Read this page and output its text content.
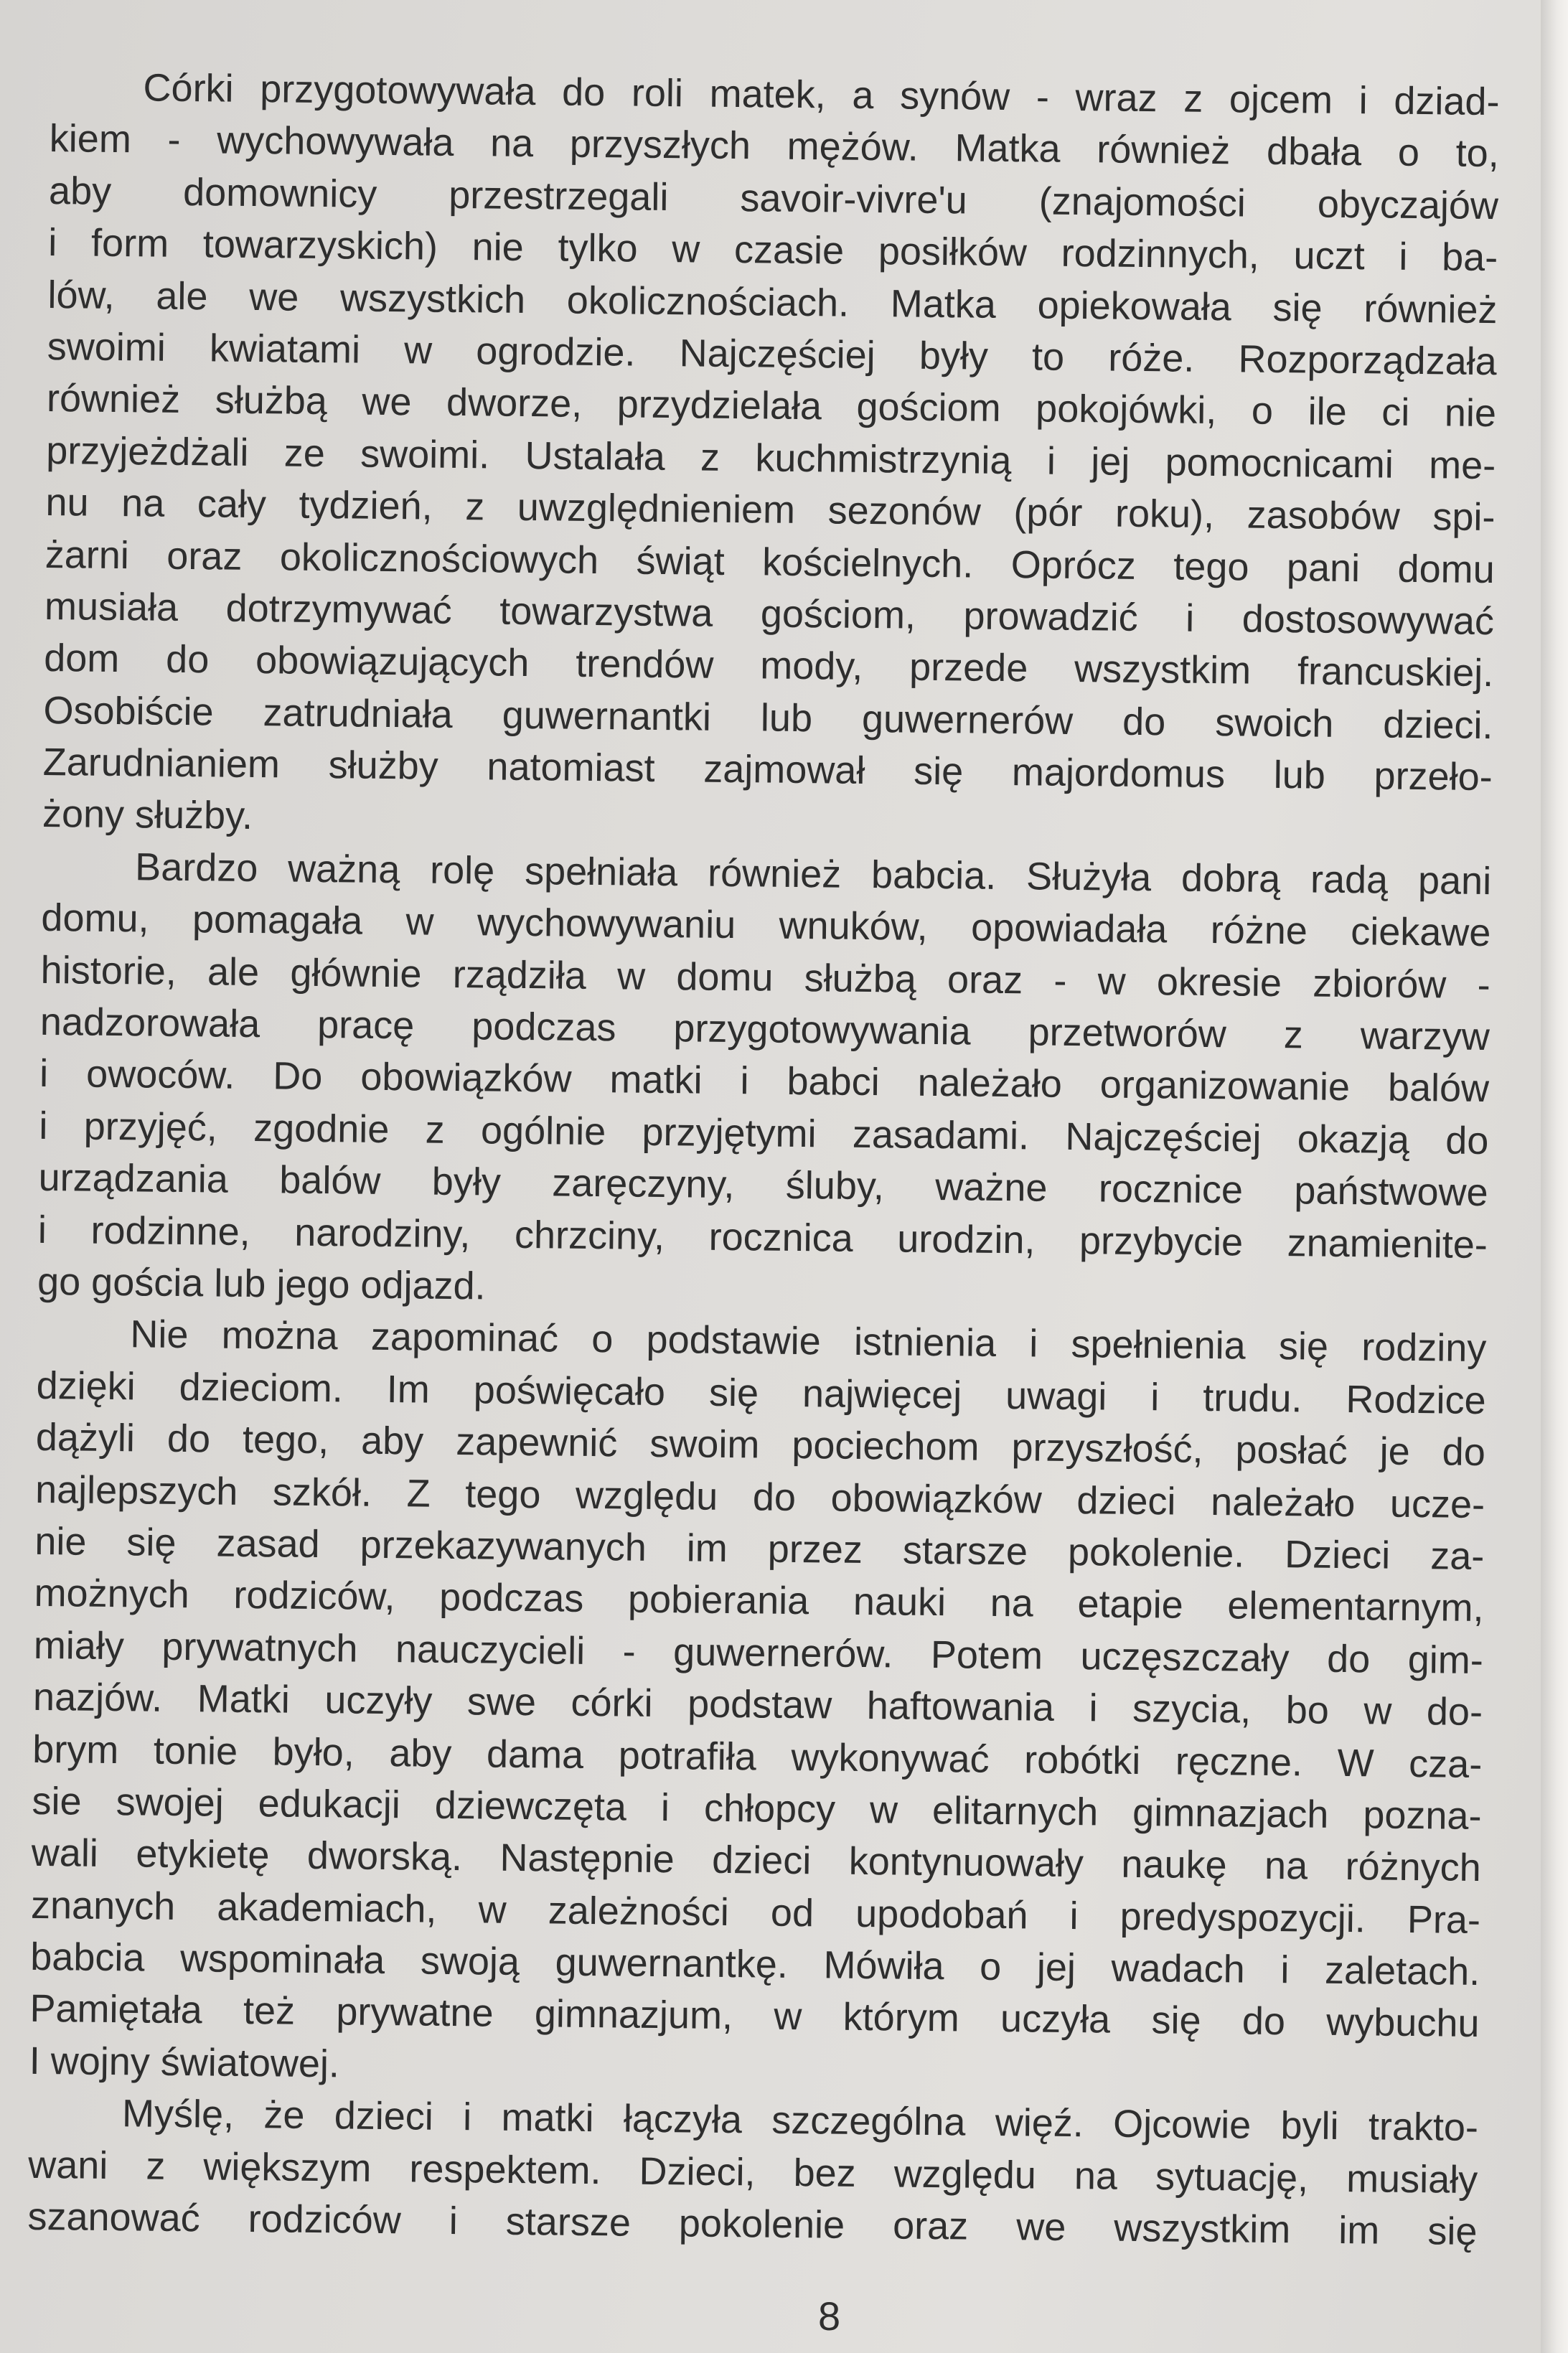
Córki przygotowywała do roli matek, a synów - wraz z ojcem i dziad-
kiem - wychowywała na przyszłych mężów. Matka również dbała o to,
aby domownicy przestrzegali savoir-vivre'u (znajomości obyczajów
i form towarzyskich) nie tylko w czasie posiłków rodzinnych, uczt i ba-
lów, ale we wszystkich okolicznościach. Matka opiekowała się również
swoimi kwiatami w ogrodzie. Najczęściej były to róże. Rozporządzała
również służbą we dworze, przydzielała gościom pokojówki, o ile ci nie
przyjeżdżali ze swoimi. Ustalała z kuchmistrzynią i jej pomocnicami me-
nu na cały tydzień, z uwzględnieniem sezonów (pór roku), zasobów spi-
żarni oraz okolicznościowych świąt kościelnych. Oprócz tego pani domu
musiała dotrzymywać towarzystwa gościom, prowadzić i dostosowywać
dom do obowiązujących trendów mody, przede wszystkim francuskiej.
Osobiście zatrudniała guwernantki lub guwernerów do swoich dzieci.
Zarudnianiem służby natomiast zajmował się majordomus lub przeło-
żony służby.
Bardzo ważną rolę spełniała również babcia. Służyła dobrą radą pani
domu, pomagała w wychowywaniu wnuków, opowiadała różne ciekawe
historie, ale głównie rządziła w domu służbą oraz - w okresie zbiorów -
nadzorowała pracę podczas przygotowywania przetworów z warzyw
i owoców. Do obowiązków matki i babci należało organizowanie balów
i przyjęć, zgodnie z ogólnie przyjętymi zasadami. Najczęściej okazją do
urządzania balów były zaręczyny, śluby, ważne rocznice państwowe
i rodzinne, narodziny, chrzciny, rocznica urodzin, przybycie znamienite-
go gościa lub jego odjazd.
Nie można zapominać o podstawie istnienia i spełnienia się rodziny
dzięki dzieciom. Im poświęcało się najwięcej uwagi i trudu. Rodzice
dążyli do tego, aby zapewnić swoim pociechom przyszłość, posłać je do
najlepszych szkół. Z tego względu do obowiązków dzieci należało ucze-
nie się zasad przekazywanych im przez starsze pokolenie. Dzieci za-
możnych rodziców, podczas pobierania nauki na etapie elementarnym,
miały prywatnych nauczycieli - guwernerów. Potem uczęszczały do gim-
nazjów. Matki uczyły swe córki podstaw haftowania i szycia, bo w do-
brym tonie było, aby dama potrafiła wykonywać robótki ręczne. W cza-
sie swojej edukacji dziewczęta i chłopcy w elitarnych gimnazjach pozna-
wali etykietę dworską. Następnie dzieci kontynuowały naukę na różnych
znanych akademiach, w zależności od upodobań i predyspozycji. Pra-
babcia wspominała swoją guwernantkę. Mówiła o jej wadach i zaletach.
Pamiętała też prywatne gimnazjum, w którym uczyła się do wybuchu
I wojny światowej.
Myślę, że dzieci i matki łączyła szczególna więź. Ojcowie byli trakto-
wani z większym respektem. Dzieci, bez względu na sytuację, musiały
szanować rodziców i starsze pokolenie oraz we wszystkim im się
8
